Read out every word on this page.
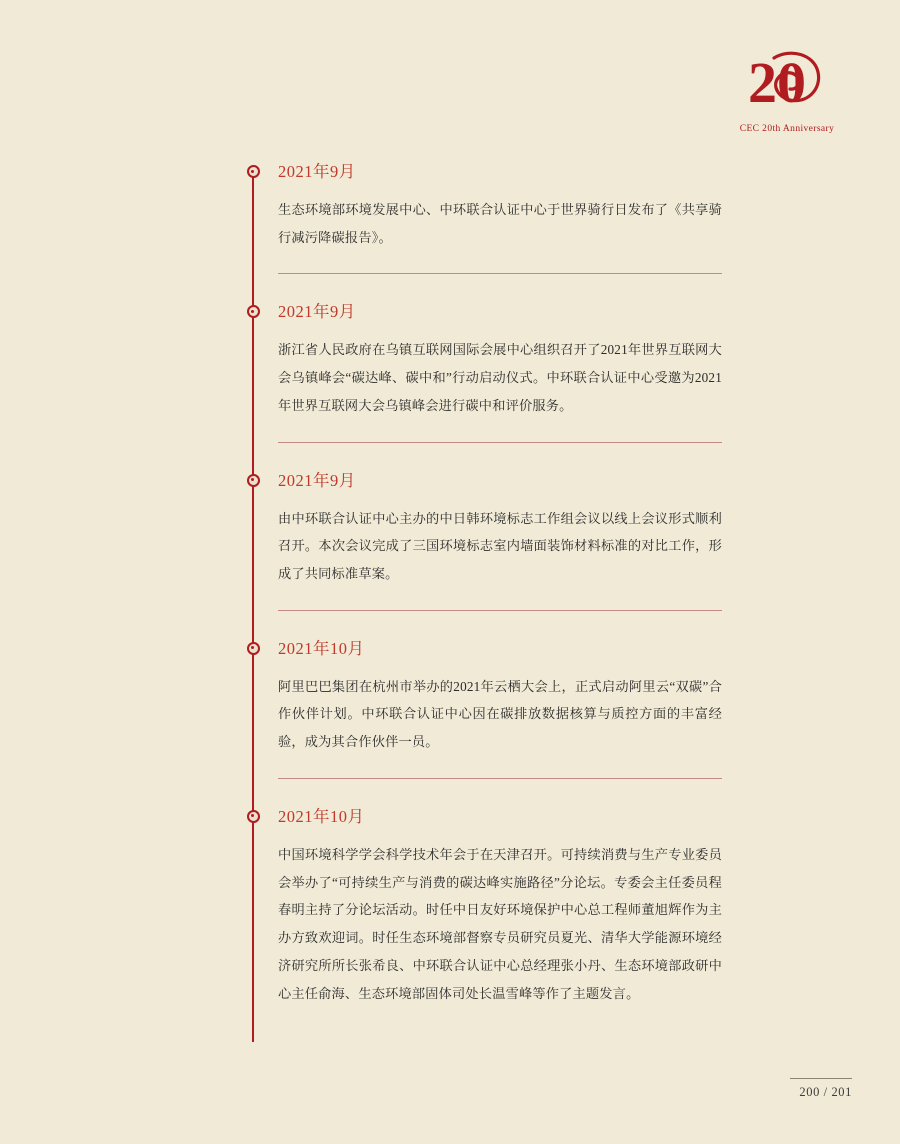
20
CEC 20th Anniversary
2021年9月

生态环境部环境发展中心、中环联合认证中心于世界骑行日发布了《共享骑行减污降碳报告》。

2021年9月

浙江省人民政府在乌镇互联网国际会展中心组织召开了2021年世界互联网大会乌镇峰会“碳达峰、碳中和”行动启动仪式。中环联合认证中心受邀为2021年世界互联网大会乌镇峰会进行碳中和评价服务。

2021年9月

由中环联合认证中心主办的中日韩环境标志工作组会议以线上会议形式顺利召开。本次会议完成了三国环境标志室内墙面装饰材料标准的对比工作，形成了共同标准草案。

2021年10月

阿里巴巴集团在杭州市举办的2021年云栖大会上，正式启动阿里云“双碳”合作伙伴计划。中环联合认证中心因在碳排放数据核算与质控方面的丰富经验，成为其合作伙伴一员。

2021年10月

中国环境科学学会科学技术年会于在天津召开。可持续消费与生产专业委员会举办了“可持续生产与消费的碳达峰实施路径”分论坛。专委会主任委员程春明主持了分论坛活动。时任中日友好环境保护中心总工程师董旭辉作为主办方致欢迎词。时任生态环境部督察专员研究员夏光、清华大学能源环境经济研究所所长张希良、中环联合认证中心总经理张小丹、生态环境部政研中心主任俞海、生态环境部固体司处长温雪峰等作了主题发言。

200 / 201
